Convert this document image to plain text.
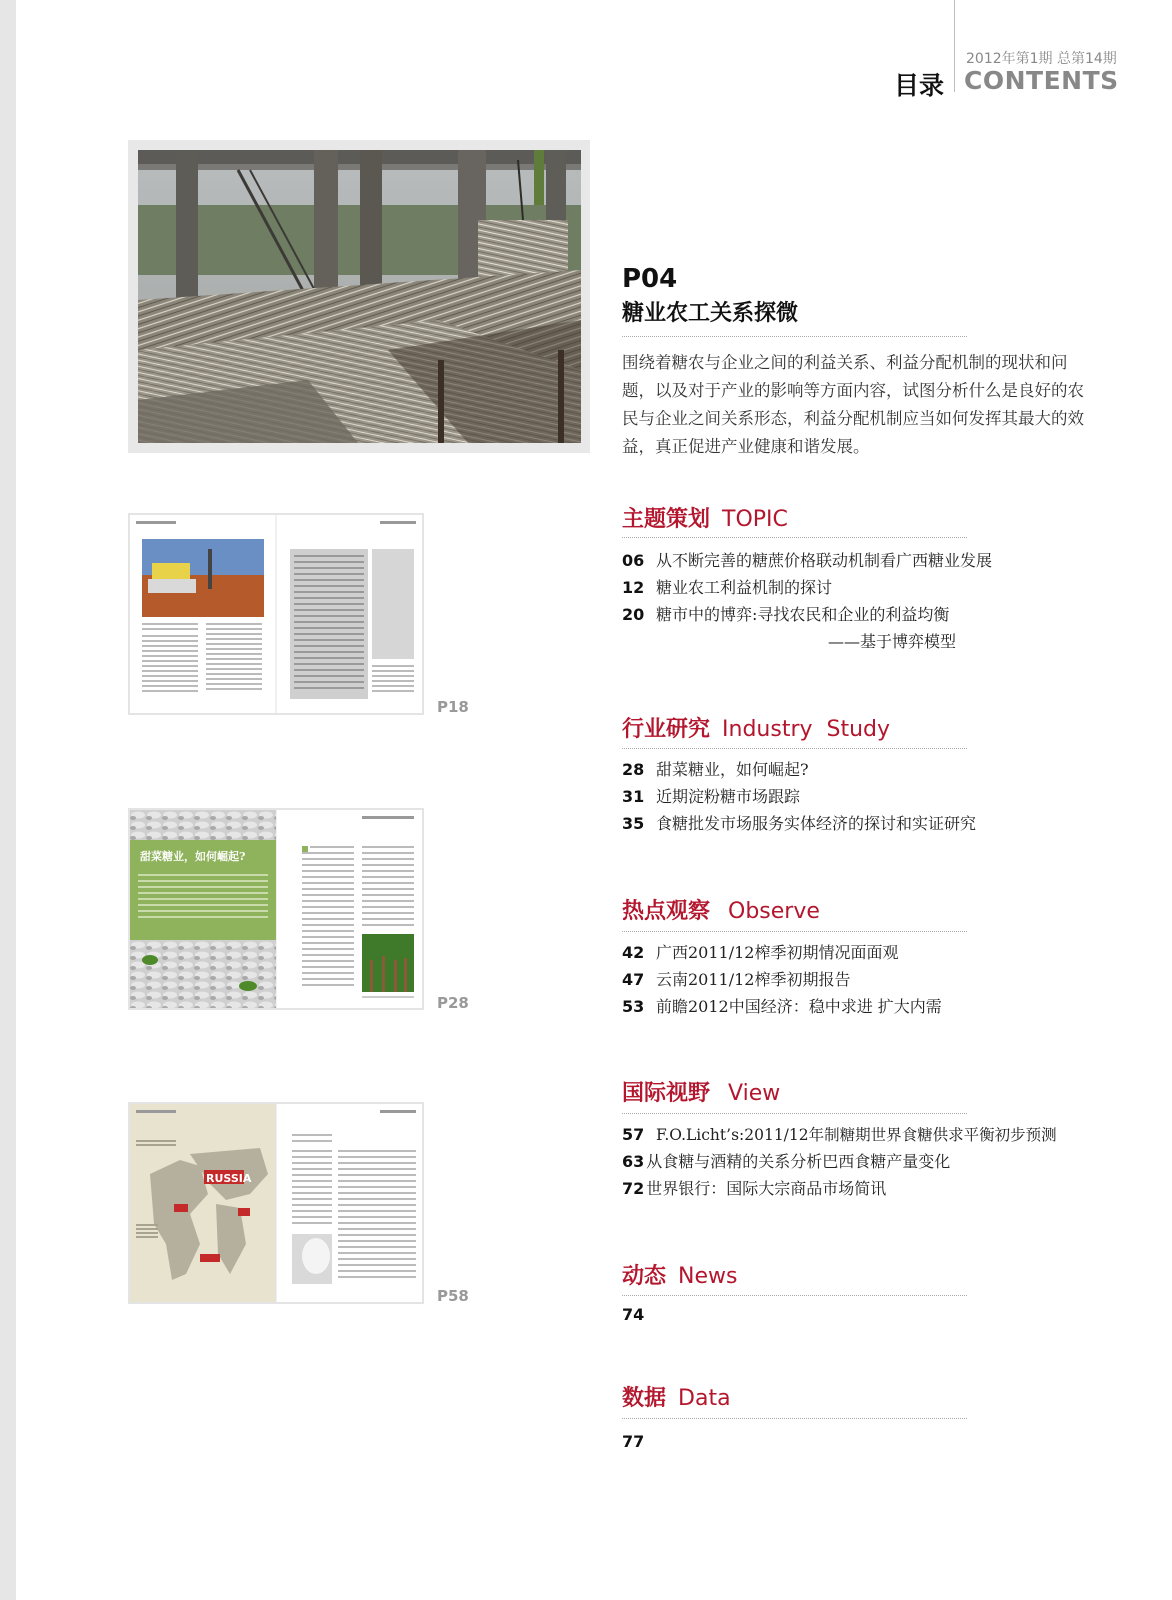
2012年第1期 总第14期
目录 CONTENTS
P04
糖业农工关系探微

围绕着糖农与企业之间的利益关系、利益分配机制的现状和问题，以及对于产业的影响等方面内容，试图分析什么是良好的农民与企业之间关系形态，利益分配机制应当如何发挥其最大的效益，真正促进产业健康和谐发展。

主题策划 TOPIC
06 从不断完善的糖蔗价格联动机制看广西糖业发展
12 糖业农工利益机制的探讨
20 糖市中的博弈:寻找农民和企业的利益均衡
——基于博弈模型
行业研究 Industry  Study
28 甜菜糖业，如何崛起?
31 近期淀粉糖市场跟踪
35 食糖批发市场服务实体经济的探讨和实证研究
热点观察 Observe
42 广西2011/12榨季初期情况面面观
47 云南2011/12榨季初期报告
53 前瞻2012中国经济：稳中求进 扩大内需
国际视野 View
57 F.O.Licht’s:2011/12年制糖期世界食糖供求平衡初步预测
63 从食糖与酒精的关系分析巴西食糖产量变化
72 世界银行：国际大宗商品市场简讯
动态 News
74
数据 Data
77
P18
甜菜糖业，如何崛起?
P28
RUSSIA
P58
